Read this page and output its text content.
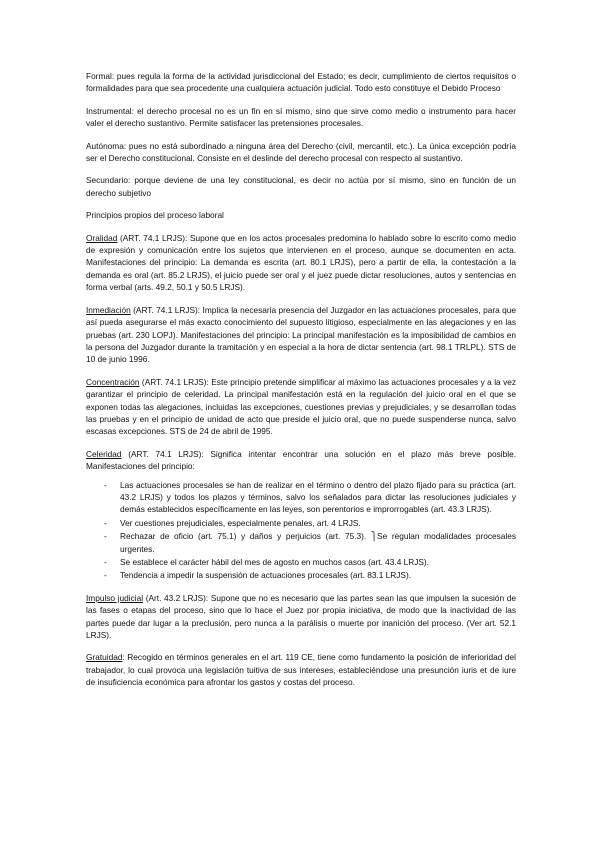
Formal: pues regula la forma de la actividad jurisdiccional del Estado; es decir, cumplimiento de ciertos requisitos o formalidades para que sea procedente una cualquiera actuación judicial. Todo esto constituye el Debido Proceso

Instrumental: el derecho procesal no es un fin en sí mismo, sino que sirve como medio o instrumento para hacer valer el derecho sustantivo. Permite satisfacer las pretensiones procesales.

Autónoma: pues no está subordinado a ninguna área del Derecho (civil, mercantil, etc.). La única excepción podría ser el Derecho constitucional. Consiste en el deslinde del derecho procesal con respecto al sustantivo.

Secundario: porque deviene de una ley constitucional, es decir no actúa por sí mismo, sino en función de un derecho subjetivo

Principios propios del proceso laboral

Oralidad (ART. 74.1 LRJS): Supone que en los actos procesales predomina lo hablado sobre lo escrito como medio de expresión y comunicación entre los sujetos que intervienen en el proceso, aunque se documenten en acta. Manifestaciones del principio: La demanda es escrita (art. 80.1 LRJS), pero a partir de ella, la contestación a la demanda es oral (art. 85.2 LRJS), el juicio puede ser oral y el juez puede dictar resoluciones, autos y sentencias en forma verbal (arts. 49.2, 50.1 y 50.5 LRJS).

Inmediación (ART. 74.1 LRJS): Implica la necesaria presencia del Juzgador en las actuaciones procesales, para que así pueda asegurarse el más exacto conocimiento del supuesto litigioso, especialmente en las alegaciones y en las pruebas (art. 230 LOPJ). Manifestaciones del principio: La principal manifestación es la imposibilidad de cambios en la persona del Juzgador durante la tramitación y en especial a la hora de dictar sentencia (art. 98.1 TRLPL). STS de 10 de junio 1996.

Concentración (ART. 74.1 LRJS): Este principio pretende simplificar al máximo las actuaciones procesales y a la vez garantizar el principio de celeridad. La principal manifestación está en la regulación del juicio oral en el que se exponen todas las alegaciones, incluidas las excepciones, cuestiones previas y prejudiciales, y se desarrollan todas las pruebas y en el principio de unidad de acto que preside el juicio oral, que no puede suspenderse nunca, salvo escasas excepciones. STS de 24 de abril de 1995.

Celeridad (ART. 74.1 LRJS): Significa intentar encontrar una solución en el plazo más breve posible. Manifestaciones del principio:

- Las actuaciones procesales se han de realizar en el término o dentro del plazo fijado para su práctica (art. 43.2 LRJS) y todos los plazos y términos, salvo los señalados para dictar las resoluciones judiciales y demás establecidos específicamente en las leyes, son perentorios e improrrogables (art. 43.3 LRJS).
- Ver cuestiones prejudiciales, especialmente penales, art. 4 LRJS.
- Rechazar de oficio (art. 75.1) y daños y perjuicios (art. 75.3). ⎫Se regulan modalidades procesales urgentes.
- Se establece el carácter hábil del mes de agosto en muchos casos (art. 43.4 LRJS).
- Tendencia a impedir la suspensión de actuaciones procesales (art. 83.1 LRJS).

Impulso judicial (Art. 43.2 LRJS): Supone que no es necesario que las partes sean las que impulsen la sucesión de las fases o etapas del proceso, sino que lo hace el Juez por propia iniciativa, de modo que la inactividad de las partes puede dar lugar a la preclusión, pero nunca a la parálisis o muerte por inanición del proceso. (Ver art. 52.1 LRJS).

Gratuidad: Recogido en términos generales en el art. 119 CE, tiene como fundamento la posición de inferioridad del trabajador, lo cual provoca una legislación tuitiva de sus intereses, estableciéndose una presunción iuris et de iure de insuficiencia económica para afrontar los gastos y costas del proceso.
